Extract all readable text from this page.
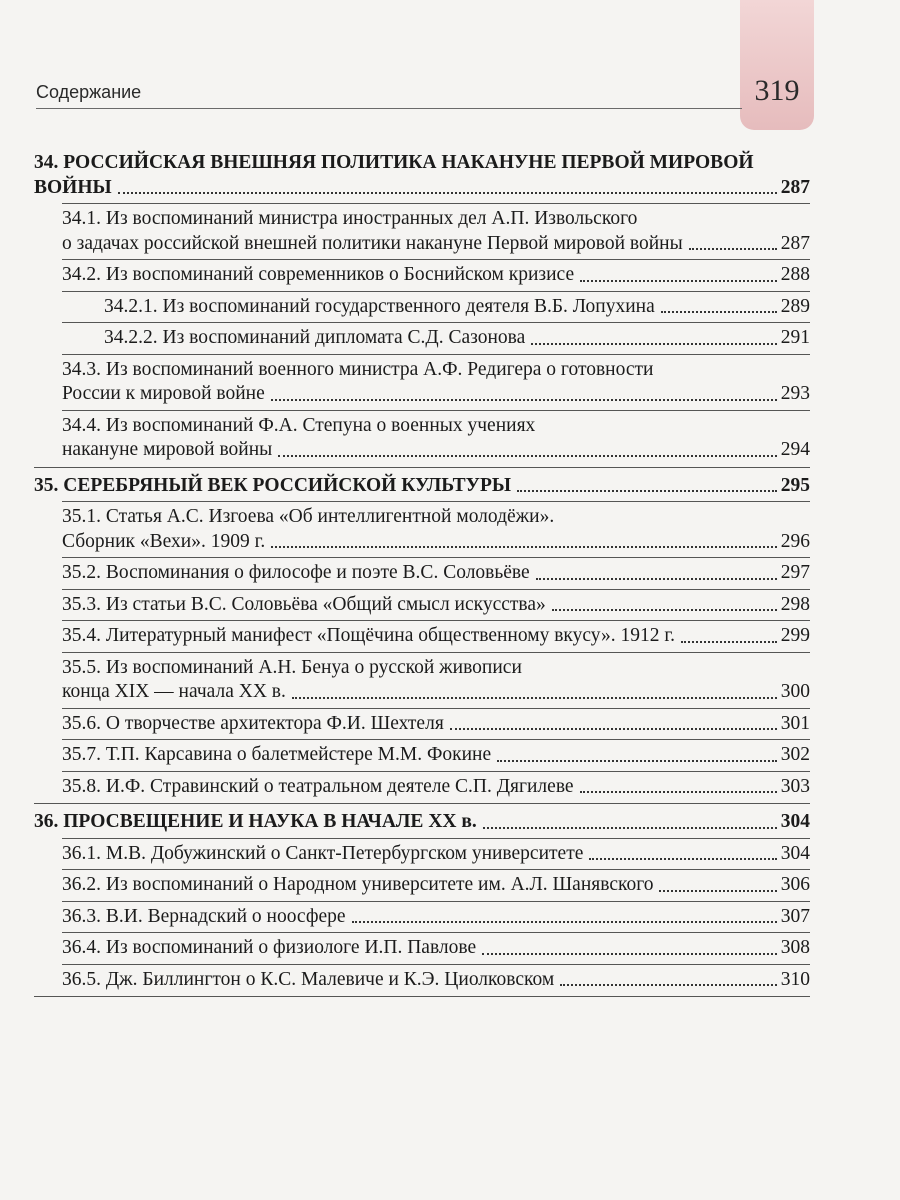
319
Содержание
34. РОССИЙСКАЯ ВНЕШНЯЯ ПОЛИТИКА НАКАНУНЕ ПЕРВОЙ МИРОВОЙ
ВОЙНЫ	287
34.1. Из воспоминаний министра иностранных дел А.П. Извольского
о задачах российской внешней политики накануне Первой мировой войны	287
34.2. Из воспоминаний современников о Боснийском кризисе	288
34.2.1. Из воспоминаний государственного деятеля В.Б. Лопухина	289
34.2.2. Из воспоминаний дипломата С.Д. Сазонова	291
34.3. Из воспоминаний военного министра А.Ф. Редигера о готовности
России к мировой войне	293
34.4. Из воспоминаний Ф.А. Степуна о военных учениях
накануне мировой войны	294
35. СЕРЕБРЯНЫЙ ВЕК РОССИЙСКОЙ КУЛЬТУРЫ	295
35.1. Статья А.С. Изгоева «Об интеллигентной молодёжи».
Сборник «Вехи». 1909 г.	296
35.2. Воспоминания о философе и поэте В.С. Соловьёве	297
35.3. Из статьи В.С. Соловьёва «Общий смысл искусства»	298
35.4. Литературный манифест «Пощёчина общественному вкусу». 1912 г.	299
35.5. Из воспоминаний А.Н. Бенуа о русской живописи
конца XIX — начала XX в.	300
35.6. О творчестве архитектора Ф.И. Шехтеля	301
35.7. Т.П. Карсавина о балетмейстере М.М. Фокине	302
35.8. И.Ф. Стравинский о театральном деятеле С.П. Дягилеве	303
36. ПРОСВЕЩЕНИЕ И НАУКА В НАЧАЛЕ XX в.	304
36.1. М.В. Добужинский о Санкт-Петербургском университете	304
36.2. Из воспоминаний о Народном университете им. А.Л. Шанявского	306
36.3. В.И. Вернадский о ноосфере	307
36.4. Из воспоминаний о физиологе И.П. Павлове	308
36.5. Дж. Биллингтон о К.С. Малевиче и К.Э. Циолковском	310
